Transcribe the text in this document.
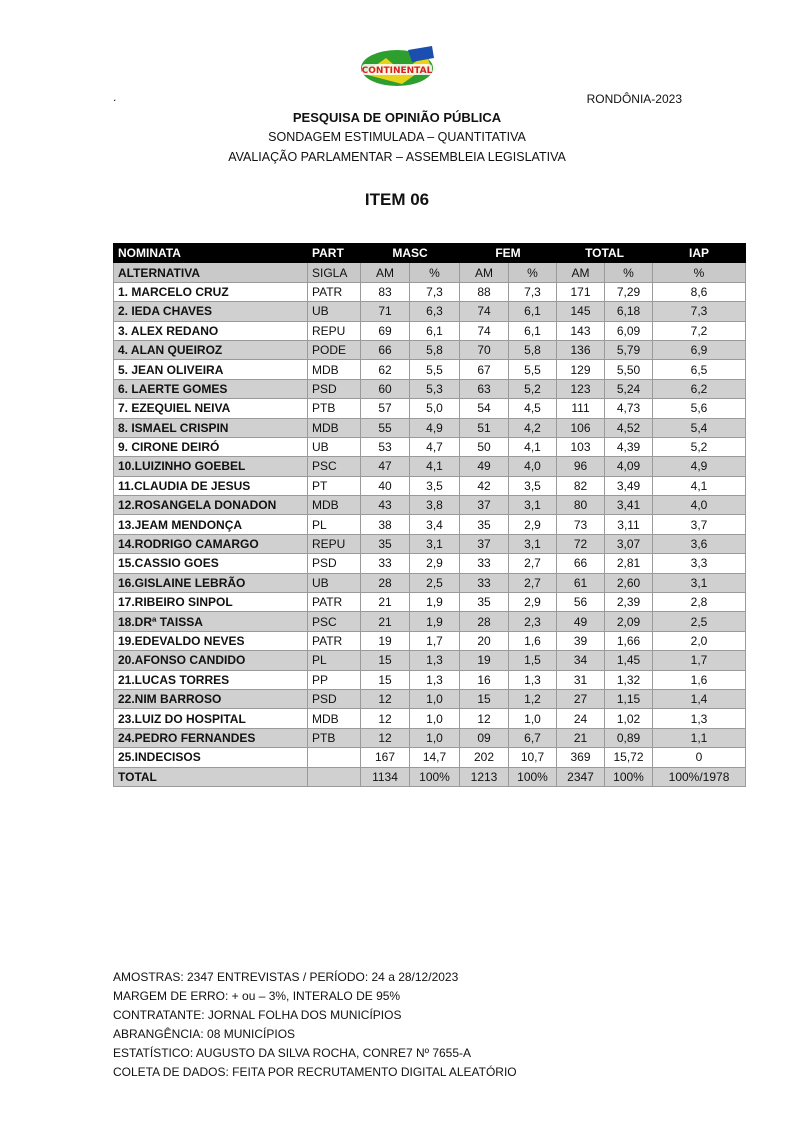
CONTINENTAL
.	RONDÔNIA-2023
PESQUISA DE OPINIÃO PÚBLICA
SONDAGEM ESTIMULADA – QUANTITATIVA
AVALIAÇÃO PARLAMENTAR – ASSEMBLEIA LEGISLATIVA
ITEM 06
NOMINATA	PART	MASC		FEM		TOTAL		IAP
ALTERNATIVA	SIGLA	AM	%	AM	%	AM	%	%
1. MARCELO CRUZ	PATR	83	7,3	88	7,3	171	7,29	8,6
2. IEDA CHAVES	UB	71	6,3	74	6,1	145	6,18	7,3
3. ALEX REDANO	REPU	69	6,1	74	6,1	143	6,09	7,2
4. ALAN QUEIROZ	PODE	66	5,8	70	5,8	136	5,79	6,9
5. JEAN OLIVEIRA	MDB	62	5,5	67	5,5	129	5,50	6,5
6. LAERTE GOMES	PSD	60	5,3	63	5,2	123	5,24	6,2
7. EZEQUIEL NEIVA	PTB	57	5,0	54	4,5	111	4,73	5,6
8. ISMAEL CRISPIN	MDB	55	4,9	51	4,2	106	4,52	5,4
9. CIRONE DEIRÓ	UB	53	4,7	50	4,1	103	4,39	5,2
10.LUIZINHO GOEBEL	PSC	47	4,1	49	4,0	96	4,09	4,9
11.CLAUDIA DE JESUS	PT	40	3,5	42	3,5	82	3,49	4,1
12.ROSANGELA DONADON	MDB	43	3,8	37	3,1	80	3,41	4,0
13.JEAM MENDONÇA	PL	38	3,4	35	2,9	73	3,11	3,7
14.RODRIGO CAMARGO	REPU	35	3,1	37	3,1	72	3,07	3,6
15.CASSIO GOES	PSD	33	2,9	33	2,7	66	2,81	3,3
16.GISLAINE LEBRÃO	UB	28	2,5	33	2,7	61	2,60	3,1
17.RIBEIRO SINPOL	PATR	21	1,9	35	2,9	56	2,39	2,8
18.DRª TAISSA	PSC	21	1,9	28	2,3	49	2,09	2,5
19.EDEVALDO NEVES	PATR	19	1,7	20	1,6	39	1,66	2,0
20.AFONSO CANDIDO	PL	15	1,3	19	1,5	34	1,45	1,7
21.LUCAS TORRES	PP	15	1,3	16	1,3	31	1,32	1,6
22.NIM BARROSO	PSD	12	1,0	15	1,2	27	1,15	1,4
23.LUIZ DO HOSPITAL	MDB	12	1,0	12	1,0	24	1,02	1,3
24.PEDRO FERNANDES	PTB	12	1,0	09	6,7	21	0,89	1,1
25.INDECISOS		167	14,7	202	10,7	369	15,72	0
TOTAL		1134	100%	1213	100%	2347	100%	100%/1978
AMOSTRAS: 2347 ENTREVISTAS / PERÍODO: 24 a 28/12/2023
MARGEM DE ERRO: + ou – 3%, INTERALO DE 95%
CONTRATANTE: JORNAL FOLHA DOS MUNICÍPIOS
ABRANGÊNCIA: 08 MUNICÍPIOS
ESTATÍSTICO: AUGUSTO DA SILVA ROCHA, CONRE7 Nº 7655-A
COLETA DE DADOS: FEITA POR RECRUTAMENTO DIGITAL ALEATÓRIO
